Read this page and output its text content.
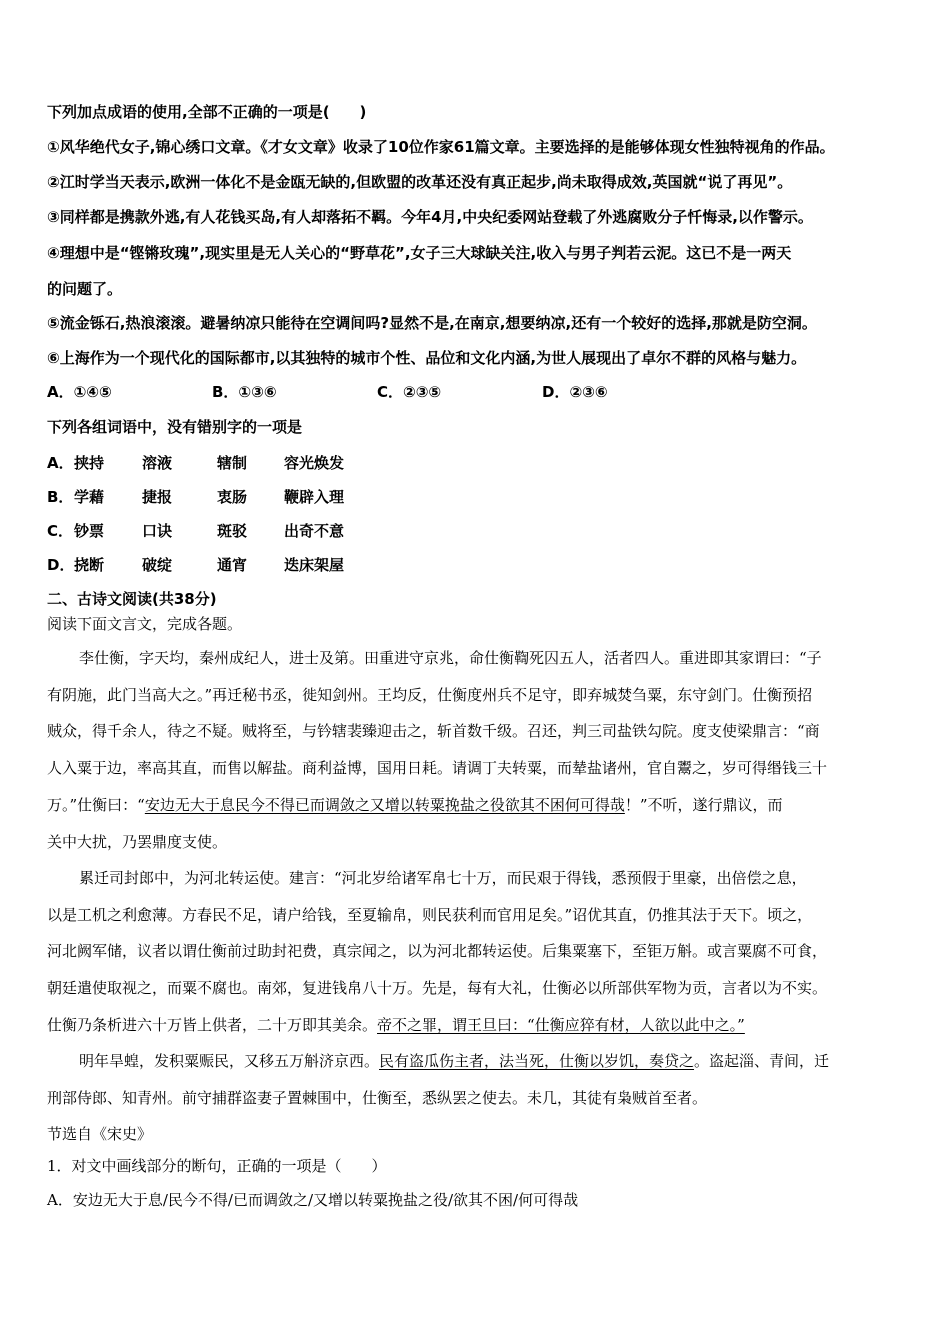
下列加点成语的使用,全部不正确的一项是(　　)
①风华绝代女子,锦心绣口文章。《才女文章》收录了10位作家61篇文章。主要选择的是能够体现女性独特视角的作品。
②江时学当天表示,欧洲一体化不是金瓯无缺的,但欧盟的改革还没有真正起步,尚未取得成效,英国就“说了再见”。
③同样都是携款外逃,有人花钱买岛,有人却落拓不羁。今年4月,中央纪委网站登载了外逃腐败分子忏悔录,以作警示。
④理想中是“铿锵玫瑰”,现实里是无人关心的“野草花”,女子三大球缺关注,收入与男子判若云泥。这已不是一两天
的问题了。
⑤流金铄石,热浪滚滚。避暑纳凉只能待在空调间吗?显然不是,在南京,想要纳凉,还有一个较好的选择,那就是防空洞。
⑥上海作为一个现代化的国际都市,以其独特的城市个性、品位和文化内涵,为世人展现出了卓尔不群的风格与魅力。
A．①④⑤	B．①③⑥	C．②③⑤	D．②③⑥
下列各组词语中，没有错别字的一项是
A． 挟持	溶液	辖制 容光焕发
B． 学藉	捷报	衷肠 鞭辟入理
C． 钞票	口诀	斑驳 出奇不意
D． 挠断	破绽	通宵 迭床架屋
二、古诗文阅读(共38分)
阅读下面文言文，完成各题。
李仕衡，字天均，秦州成纪人，进士及第。田重进守京兆，命仕衡鞫死囚五人，活者四人。重进即其家谓曰：“子
有阴施，此门当高大之。”再迁秘书丞，徙知剑州。王均反，仕衡度州兵不足守，即弃城焚刍粟，东守剑门。仕衡预招
贼众，得千余人，待之不疑。贼将至，与钤辖裴臻迎击之，斩首数千级。召还，判三司盐铁勾院。度支使梁鼎言：“商
人入粟于边，率高其直，而售以解盐。商利益博，国用日耗。请调丁夫转粟，而辇盐诸州，官自鬻之，岁可得缗钱三十
万。”仕衡曰：“安边无大于息民今不得已而调敛之又增以转粟挽盐之役欲其不困何可得哉！”不听，遂行鼎议，而
关中大扰，乃罢鼎度支使。
累迁司封郎中，为河北转运使。建言：“河北岁给诸军帛七十万，而民艰于得钱，悉预假于里豪，出倍偿之息，
以是工机之利愈薄。方春民不足，请户给钱，至夏输帛，则民获利而官用足矣。”诏优其直，仍推其法于天下。顷之，
河北阙军储，议者以谓仕衡前过助封祀费，真宗闻之，以为河北都转运使。后集粟塞下，至钜万斛。或言粟腐不可食，
朝廷遣使取视之，而粟不腐也。南郊，复进钱帛八十万。先是，每有大礼，仕衡必以所部供军物为贡，言者以为不实。
仕衡乃条析进六十万皆上供者，二十万即其美余。帝不之罪，谓王旦曰：“仕衡应猝有材，人欲以此中之。”
明年旱蝗，发积粟赈民，又移五万斛济京西。民有盗瓜伤主者，法当死，仕衡以岁饥，奏贷之。盗起淄、青间，迁
刑部侍郎、知青州。前守捕群盗妻子置棘围中，仕衡至，悉纵罢之使去。未几，其徒有枭贼首至者。
节选自《宋史》
1．对文中画线部分的断句，正确的一项是（　　）
A．安边无大于息/民今不得/已而调敛之/又增以转粟挽盐之役/欲其不困/何可得哉
